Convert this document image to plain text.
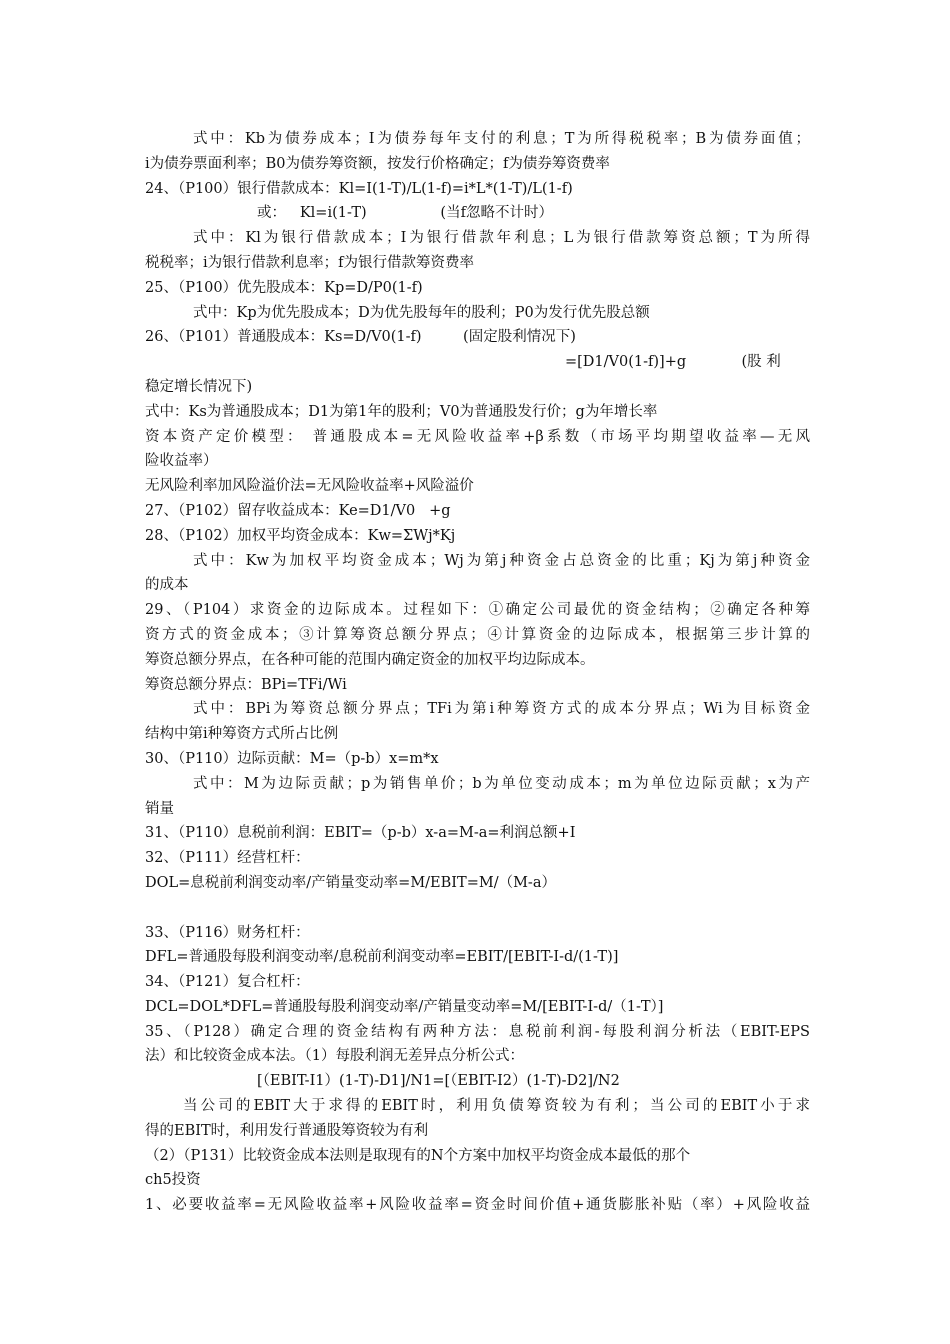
式中：Kb为债券成本；I为债券每年支付的利息；T为所得税税率；B为债券面值；
i为债券票面利率；B0为债券筹资额，按发行价格确定；f为债券筹资费率
24、（P100）银行借款成本：Kl=I(1-T)/L(1-f)=i*L*(1-T)/L(1-f)
或：   Kl=i(1-T)                (当f忽略不计时）
式中：Kl为银行借款成本；I为银行借款年利息；L为银行借款筹资总额；T为所得
税税率；i为银行借款利息率；f为银行借款筹资费率
25、（P100）优先股成本：Kp=D/P0(1-f)
式中：Kp为优先股成本；D为优先股每年的股利；P0为发行优先股总额
26、（P101）普通股成本：Ks=D/V0(1-f)         (固定股利情况下)
=[D1/V0(1-f)]+g            (股 利
稳定增长情况下)
式中：Ks为普通股成本；D1为第1年的股利；V0为普通股发行价；g为年增长率
资本资产定价模型： 普通股成本=无风险收益率+β系数（市场平均期望收益率—无风
险收益率）
无风险利率加风险溢价法=无风险收益率+风险溢价
27、（P102）留存收益成本：Ke=D1/V0   +g
28、（P102）加权平均资金成本：Kw=ΣWj*Kj
式中：Kw为加权平均资金成本；Wj为第j种资金占总资金的比重；Kj为第j种资金
的成本
29、（P104）求资金的边际成本。过程如下：①确定公司最优的资金结构；②确定各种筹
资方式的资金成本；③计算筹资总额分界点；④计算资金的边际成本，根据第三步计算的
筹资总额分界点，在各种可能的范围内确定资金的加权平均边际成本。
筹资总额分界点：BPi=TFi/Wi
式中：BPi为筹资总额分界点；TFi为第i种筹资方式的成本分界点；Wi为目标资金
结构中第i种筹资方式所占比例
30、（P110）边际贡献：M=（p-b）x=m*x
式中：M为边际贡献；p为销售单价；b为单位变动成本；m为单位边际贡献；x为产
销量
31、（P110）息税前利润：EBIT=（p-b）x-a=M-a=利润总额+I
32、（P111）经营杠杆：
DOL=息税前利润变动率/产销量变动率=M/EBIT=M/（M-a）
33、（P116）财务杠杆：
DFL=普通股每股利润变动率/息税前利润变动率=EBIT/[EBIT-I-d/(1-T)]
34、（P121）复合杠杆：
DCL=DOL*DFL=普通股每股利润变动率/产销量变动率=M/[EBIT-I-d/（1-T）]
35、（P128）确定合理的资金结构有两种方法：息税前利润-每股利润分析法（EBIT-EPS
法）和比较资金成本法。（1）每股利润无差异点分析公式：
[（EBIT-I1）(1-T)-D1]/N1=[（EBIT-I2）(1-T)-D2]/N2
当公司的EBIT大于求得的EBIT时，利用负债筹资较为有利；当公司的EBIT小于求
得的EBIT时，利用发行普通股筹资较为有利
（2）（P131）比较资金成本法则是取现有的N个方案中加权平均资金成本最低的那个
ch5投资
1、必要收益率=无风险收益率+风险收益率=资金时间价值+通货膨胀补贴（率）+风险收益
